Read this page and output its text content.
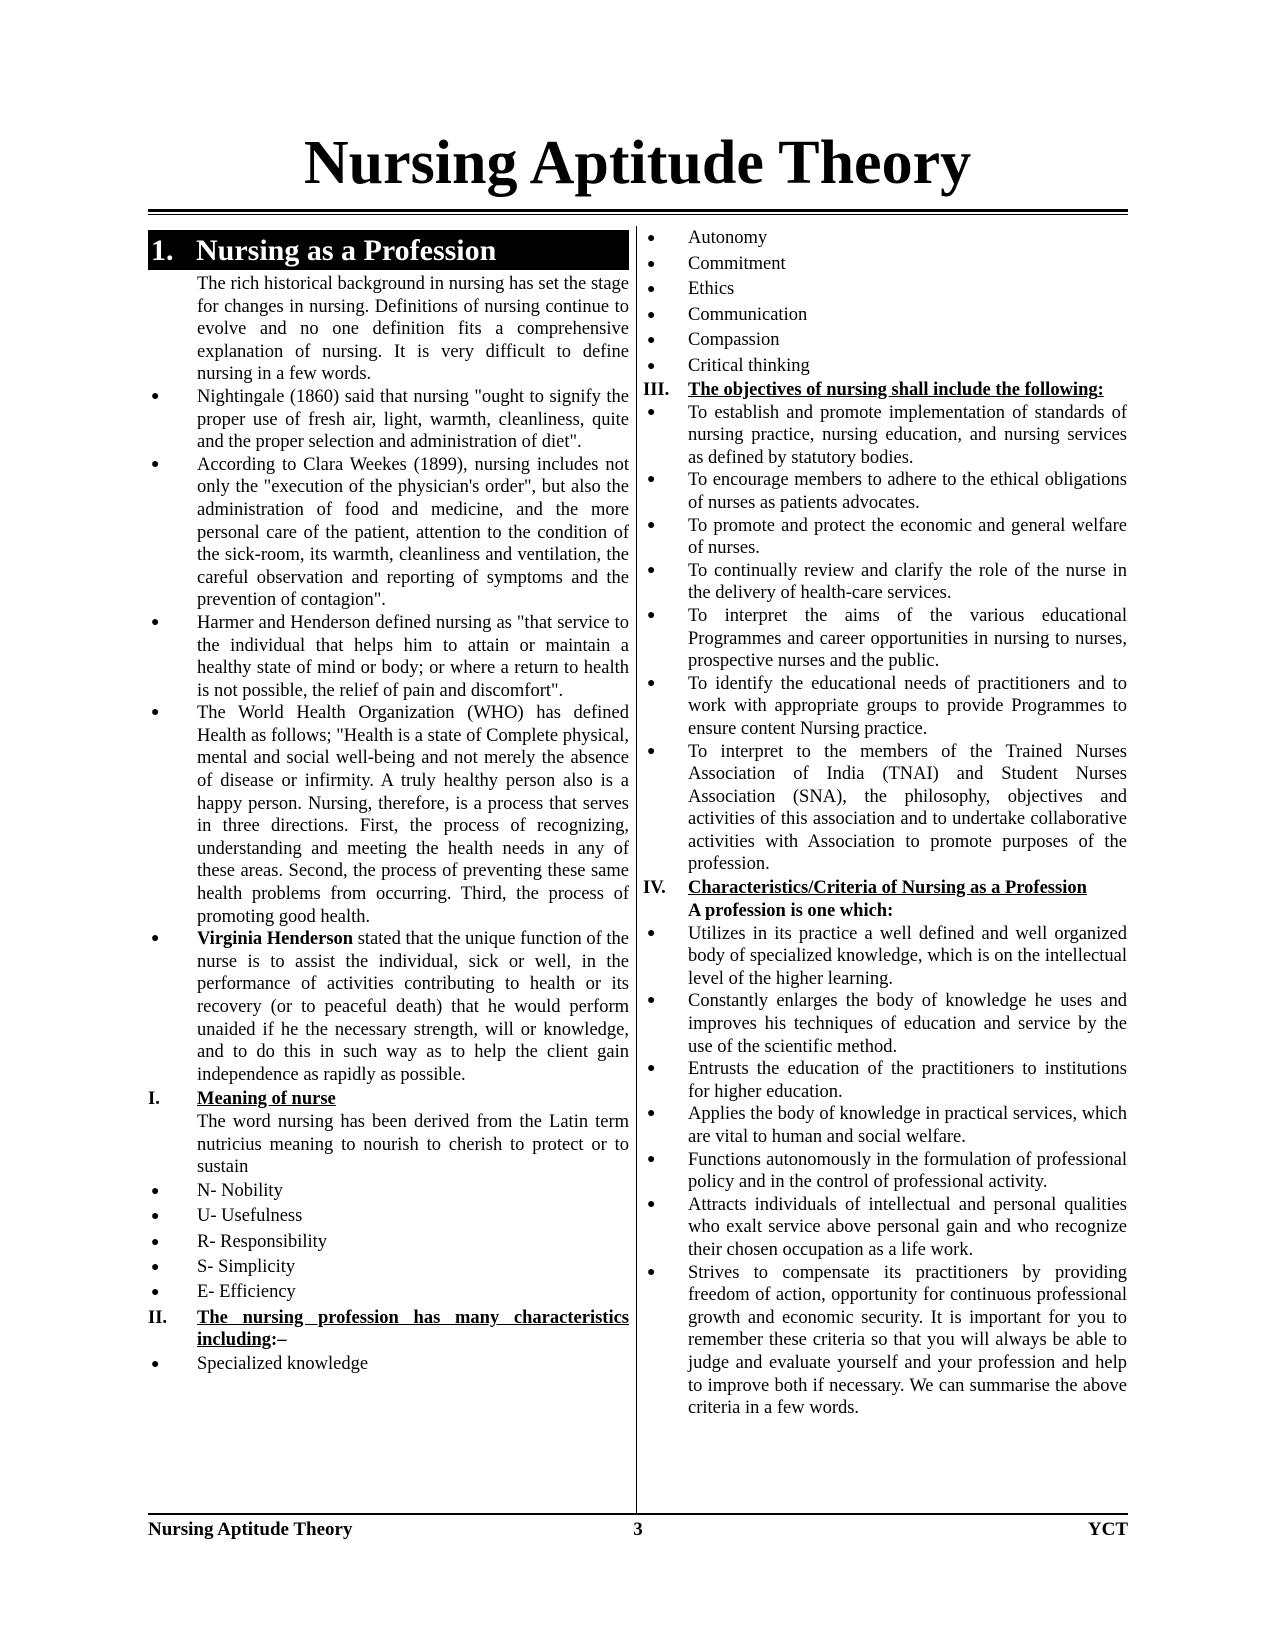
Nursing Aptitude Theory
1. Nursing as a Profession

The rich historical background in nursing has set the stage for changes in nursing. Definitions of nursing continue to evolve and no one definition fits a comprehensive explanation of nursing. It is very difficult to define nursing in a few words.

● Nightingale (1860) said that nursing "ought to signify the proper use of fresh air, light, warmth, cleanliness, quite and the proper selection and administration of diet".
● According to Clara Weekes (1899), nursing includes not only the "execution of the physician's order", but also the administration of food and medicine, and the more personal care of the patient, attention to the condition of the sick-room, its warmth, cleanliness and ventilation, the careful observation and reporting of symptoms and the prevention of contagion".
● Harmer and Henderson defined nursing as "that service to the individual that helps him to attain or maintain a healthy state of mind or body; or where a return to health is not possible, the relief of pain and discomfort".
● The World Health Organization (WHO) has defined Health as follows; "Health is a state of Complete physical, mental and social well-being and not merely the absence of disease or infirmity. A truly healthy person also is a happy person. Nursing, therefore, is a process that serves in three directions. First, the process of recognizing, understanding and meeting the health needs in any of these areas. Second, the process of preventing these same health problems from occurring. Third, the process of promoting good health.
● Virginia Henderson stated that the unique function of the nurse is to assist the individual, sick or well, in the performance of activities contributing to health or its recovery (or to peaceful death) that he would perform unaided if he the necessary strength, will or knowledge, and to do this in such way as to help the client gain independence as rapidly as possible.
I. Meaning of nurse

The word nursing has been derived from the Latin term nutricius meaning to nourish to cherish to protect or to sustain

● N- Nobility
● U- Usefulness
● R- Responsibility
● S- Simplicity
● E- Efficiency
II. The nursing profession has many characteristics including:–
● Specialized knowledge
● Autonomy
● Commitment
● Ethics
● Communication
● Compassion
● Critical thinking
III. The objectives of nursing shall include the following:
● To establish and promote implementation of standards of nursing practice, nursing education, and nursing services as defined by statutory bodies.
● To encourage members to adhere to the ethical obligations of nurses as patients advocates.
● To promote and protect the economic and general welfare of nurses.
● To continually review and clarify the role of the nurse in the delivery of health-care services.
● To interpret the aims of the various educational Programmes and career opportunities in nursing to nurses, prospective nurses and the public.
● To identify the educational needs of practitioners and to work with appropriate groups to provide Programmes to ensure content Nursing practice.
● To interpret to the members of the Trained Nurses Association of India (TNAI) and Student Nurses Association (SNA), the philosophy, objectives and activities of this association and to undertake collaborative activities with Association to promote purposes of the profession.
IV. Characteristics/Criteria of Nursing as a Profession

A profession is one which:

● Utilizes in its practice a well defined and well organized body of specialized knowledge, which is on the intellectual level of the higher learning.
● Constantly enlarges the body of knowledge he uses and improves his techniques of education and service by the use of the scientific method.
● Entrusts the education of the practitioners to institutions for higher education.
● Applies the body of knowledge in practical services, which are vital to human and social welfare.
● Functions autonomously in the formulation of professional policy and in the control of professional activity.
● Attracts individuals of intellectual and personal qualities who exalt service above personal gain and who recognize their chosen occupation as a life work.
● Strives to compensate its practitioners by providing freedom of action, opportunity for continuous professional growth and economic security. It is important for you to remember these criteria so that you will always be able to judge and evaluate yourself and your profession and help to improve both if necessary. We can summarise the above criteria in a few words.
Nursing Aptitude Theory	3	YCT
